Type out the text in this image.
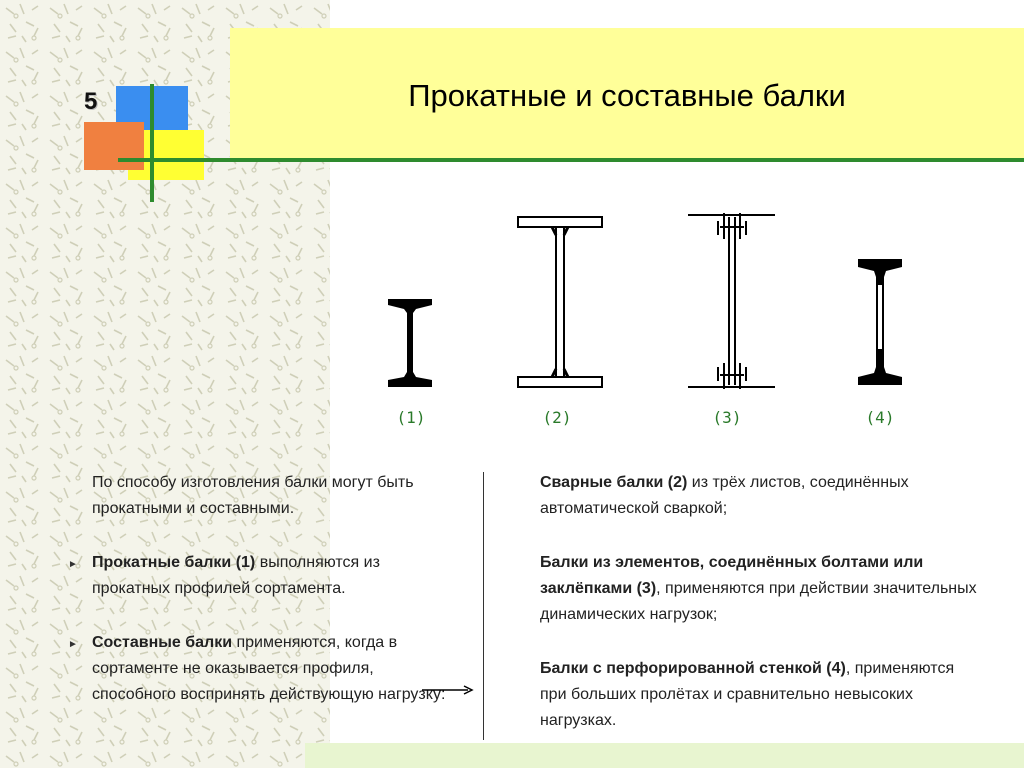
5	Прокатные и составные балки
(1)	(2)	(3)	(4)

По способу изготовления балки могут быть прокатными и составными.

► Прокатные балки (1) выполняются из прокатных профилей сортамента.

► Составные балки применяются, когда в сортаменте не оказывается профиля, способного воспринять действующую нагрузку:

Сварные балки (2) из трёх листов, соединённых автоматической сваркой;

Балки из элементов, соединённых болтами или заклёпками (3), применяются при действии значительных динамических нагрузок;

Балки с перфорированной стенкой (4), применяются при больших пролётах и сравнительно невысоких нагрузках.
